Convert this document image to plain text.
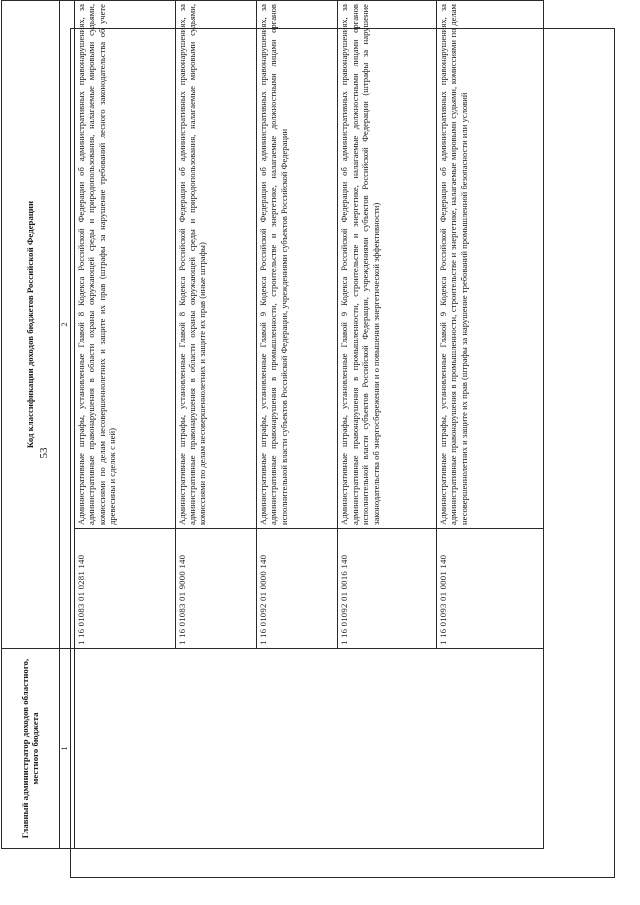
53
Главный администратор доходов областного, местного бюджета	Код классификации доходов бюджетов Российской Федерации	
1	2	
	1 16 01083 01 0281 140	Административные штрафы, установленные Главой 8 Кодекса Российской Федерации об административных правонарушениях, за административные правонарушения в области охраны окружающей среды и природопользования, налагаемые мировыми судьями, комиссиями по делам несовершеннолетних и защите их прав (штрафы за нарушение требований лесного законодательства об учете древесины и сделок с ней)
	1 16 01083 01 9000 140	Административные штрафы, установленные Главой 8 Кодекса Российской Федерации об административных правонарушениях, за административные правонарушения в области охраны окружающей среды и природопользования, налагаемые мировыми судьями, комиссиями по делам несовершеннолетних и защите их прав (иные штрафы)
	1 16 01092 01 0000 140	Административные штрафы, установленные Главой 9 Кодекса Российской Федерации об административных правонарушениях, за административные правонарушения в промышленности, строительстве и энергетике, налагаемые должностными лицами органов исполнительной власти субъектов Российской Федерации, учреждениями субъектов Российской Федерации
	1 16 01092 01 0016 140	Административные штрафы, установленные Главой 9 Кодекса Российской Федерации об административных правонарушениях, за административные правонарушения в промышленности, строительстве и энергетике, налагаемые должностными лицами органов исполнительной власти субъектов Российской Федерации, учреждениями субъектов Российской Федерации (штрафы за нарушение законодательства об энергосбережении и о повышении энергетической эффективности)
	1 16 01093 01 0001 140	Административные штрафы, установленные Главой 9 Кодекса Российской Федерации об административных правонарушениях, за административные правонарушения в промышленности, строительстве и энергетике, налагаемые мировыми судьями, комиссиями по делам несовершеннолетних и защите их прав (штрафы за нарушение требований промышленной безопасности или условий
